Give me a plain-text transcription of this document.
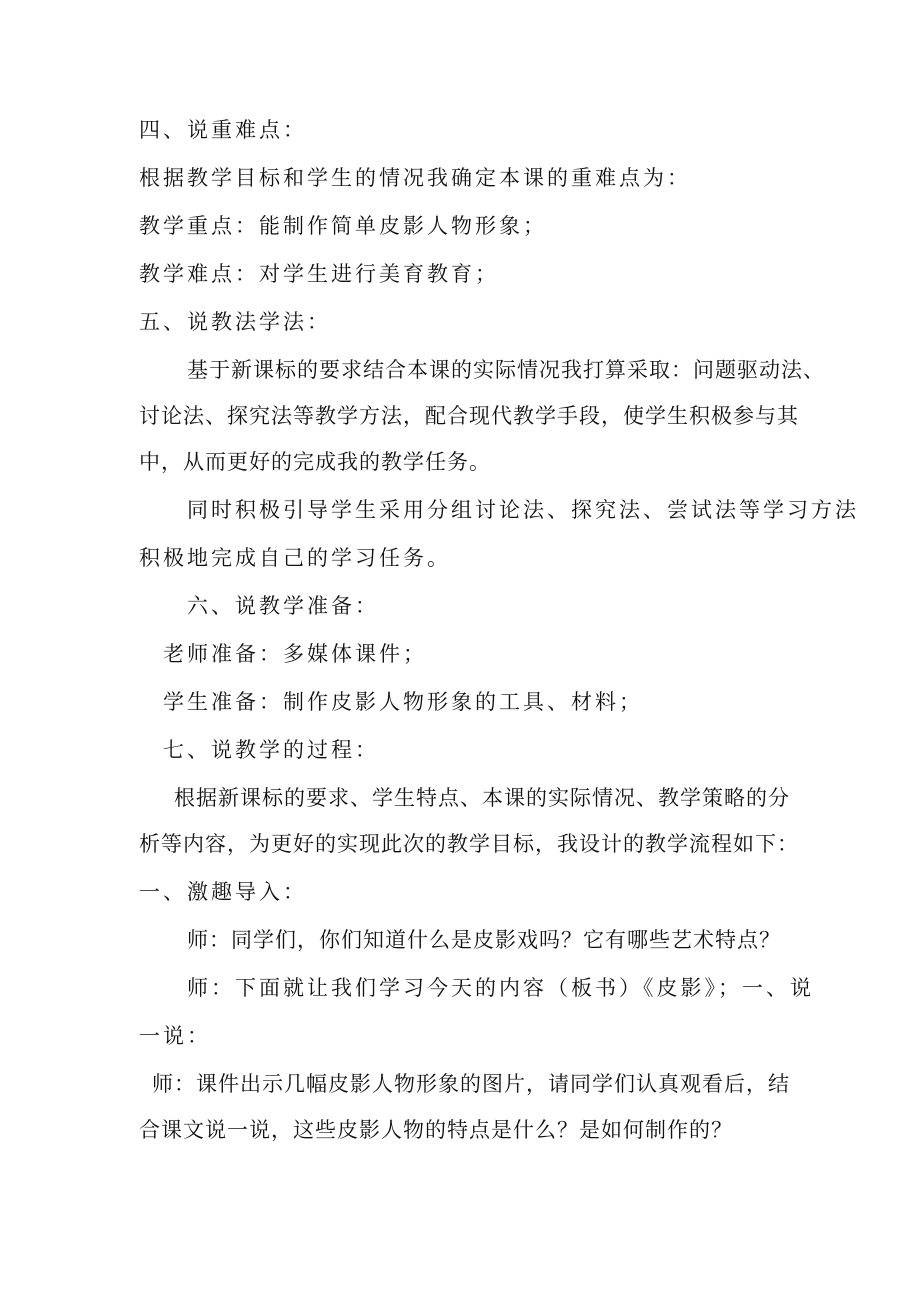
四、说重难点：
根据教学目标和学生的情况我确定本课的重难点为：
教学重点：能制作简单皮影人物形象；
教学难点：对学生进行美育教育；
五、说教法学法：
基于新课标的要求结合本课的实际情况我打算采取：问题驱动法、
讨论法、探究法等教学方法，配合现代教学手段，使学生积极参与其
中，从而更好的完成我的教学任务。
同时积极引导学生采用分组讨论法、探究法、尝试法等学习方法
积极地完成自己的学习任务。
六、说教学准备：
老师准备：多媒体课件；
学生准备：制作皮影人物形象的工具、材料；
七、说教学的过程：
根据新课标的要求、学生特点、本课的实际情况、教学策略的分
析等内容，为更好的实现此次的教学目标，我设计的教学流程如下：
一、激趣导入：
师：同学们，你们知道什么是皮影戏吗？它有哪些艺术特点？
师：下面就让我们学习今天的内容（板书）《皮影》；一、说
一说：
师：课件出示几幅皮影人物形象的图片，请同学们认真观看后，结
合课文说一说，这些皮影人物的特点是什么？是如何制作的？
